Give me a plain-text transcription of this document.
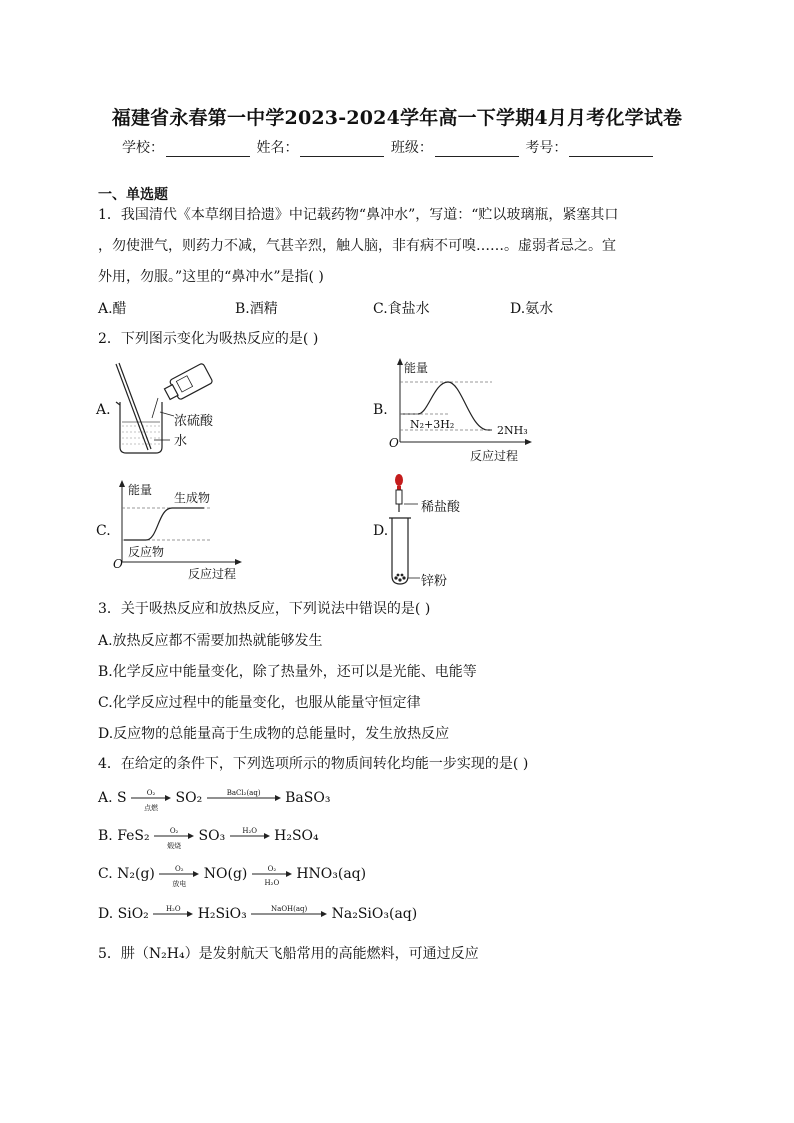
福建省永春第一中学2023-2024学年高一下学期4月月考化学试卷
学校：	姓名：	班级：	考号：
一、单选题
1．我国清代《本草纲目拾遗》中记载药物“鼻冲水”，写道：“贮以玻璃瓶，紧塞其口
，勿使泄气，则药力不减，气甚辛烈，触人脑，非有病不可嗅……。虚弱者忌之。宜
外用，勿服。”这里的“鼻冲水”是指( )
A.醋	B.酒精	C.食盐水	D.氨水
2．下列图示变化为吸热反应的是( )
A.
浓硫酸
水
B.
能量
N₂+3H₂	2NH₃
O
反应过程
C.
能量
生成物
反应物
O
反应过程
D.
稀盐酸
锌粉
3．关于吸热反应和放热反应，下列说法中错误的是( )
A.放热反应都不需要加热就能够发生
B.化学反应中能量变化，除了热量外，还可以是光能、电能等
C.化学反应过程中的能量变化，也服从能量守恒定律
D.反应物的总能量高于生成物的总能量时，发生放热反应
4．在给定的条件下，下列选项所示的物质间转化均能一步实现的是( )
A. S	O₂
点燃
SO₂	BaCl₂(aq)	BaSO₃
B. FeS₂	O₂
煅烧
SO₃	H₂O	H₂SO₄
C. N₂(g)	O₂
放电
NO(g)	O₂
H₂O
HNO₃(aq)
D. SiO₂	H₂O	H₂SiO₃	NaOH(aq)	Na₂SiO₃(aq)
5．肼（N₂H₄）是发射航天飞船常用的高能燃料，可通过反应
